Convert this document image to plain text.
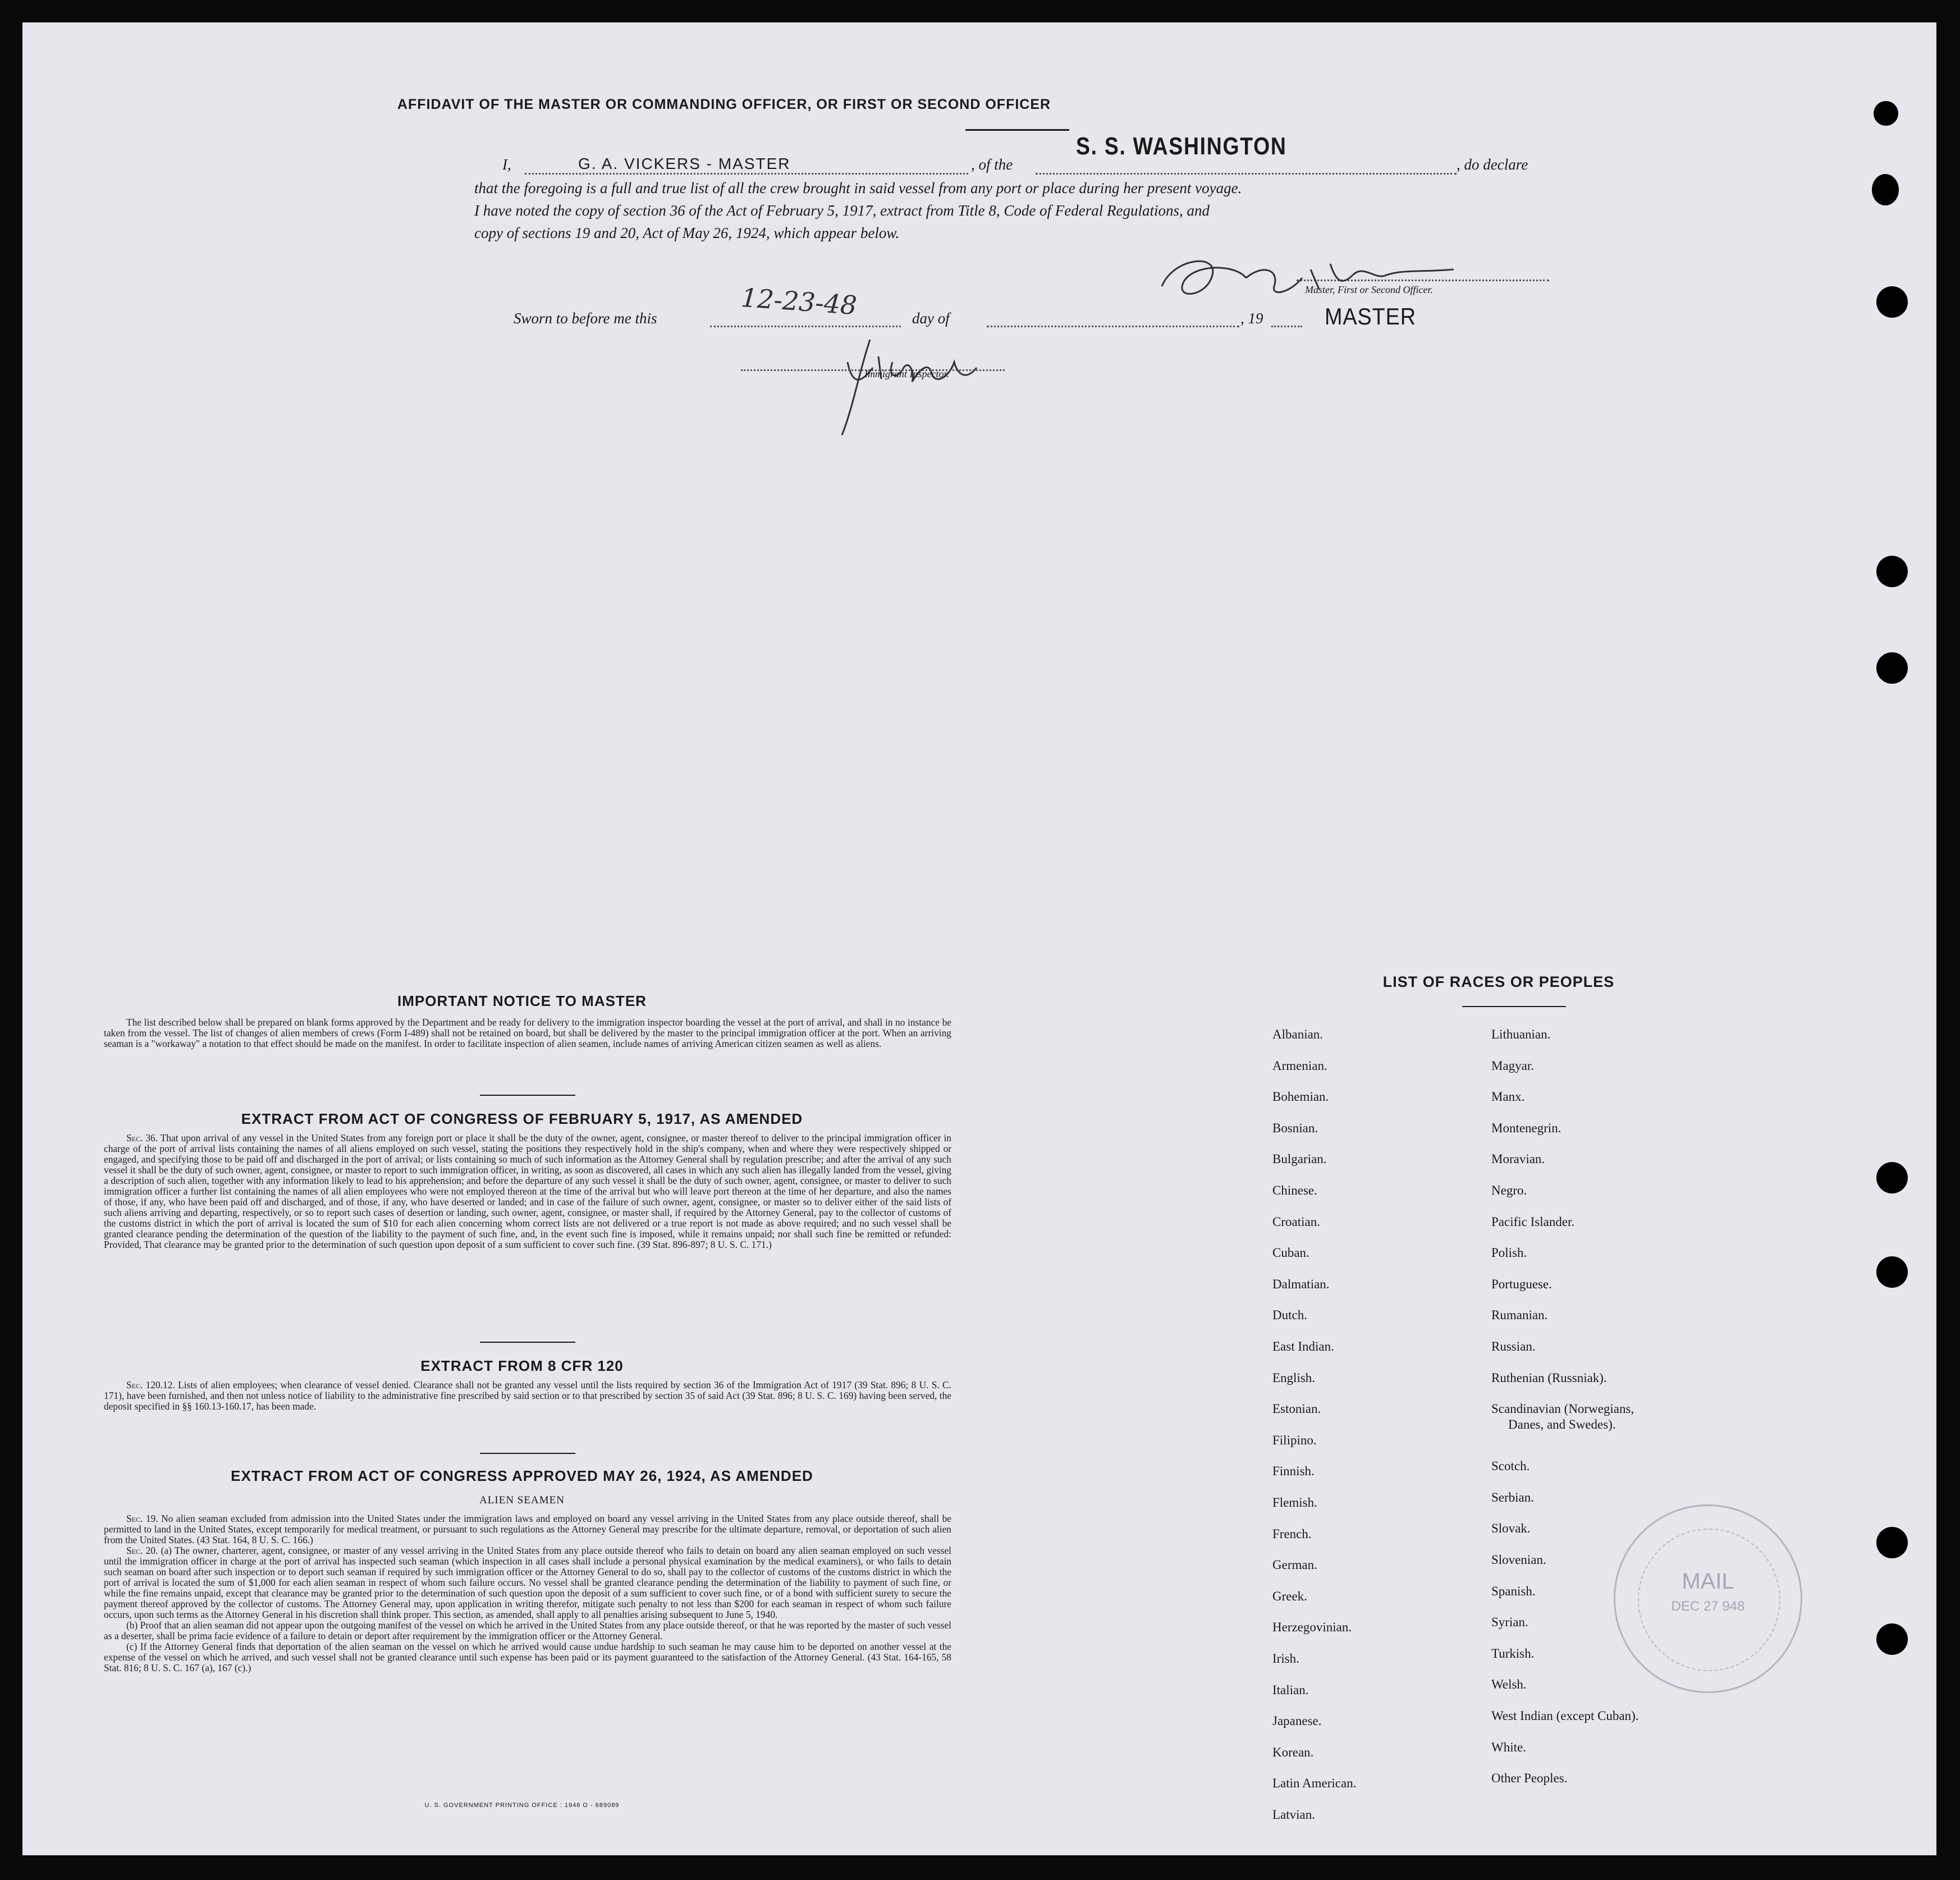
AFFIDAVIT OF THE MASTER OR COMMANDING OFFICER, OR FIRST OR SECOND OFFICER
I,	G. A. VICKERS - MASTER	, of the
S. S. WASHINGTON
, do declare
that the foregoing is a full and true list of all the crew brought in said vessel from any port or place during her present voyage.
I have noted the copy of section 36 of the Act of February 5, 1917, extract from Title 8, Code of Federal Regulations, and
copy of sections 19 and 20, Act of May 26, 1924, which appear below.
Master, First or Second Officer.
Sworn to before me this	12-23-48	day of	, 19	MASTER
Immigrant Inspector.
IMPORTANT NOTICE TO MASTER

The list described below shall be prepared on blank forms approved by the Department and be ready for delivery to the immigration inspector boarding the vessel at the port of arrival, and shall in no instance be taken from the vessel. The list of changes of alien members of crews (Form I-489) shall not be retained on board, but shall be delivered by the master to the principal immigration officer at the port. When an arriving seaman is a "workaway" a notation to that effect should be made on the manifest. In order to facilitate inspection of alien seamen, include names of arriving American citizen seamen as well as aliens.

EXTRACT FROM ACT OF CONGRESS OF FEBRUARY 5, 1917, AS AMENDED

Sec. 36. That upon arrival of any vessel in the United States from any foreign port or place it shall be the duty of the owner, agent, consignee, or master thereof to deliver to the principal immigration officer in charge of the port of arrival lists containing the names of all aliens employed on such vessel, stating the positions they respectively hold in the ship's company, when and where they were respectively shipped or engaged, and specifying those to be paid off and discharged in the port of arrival; or lists containing so much of such information as the Attorney General shall by regulation prescribe; and after the arrival of any such vessel it shall be the duty of such owner, agent, consignee, or master to report to such immigration officer, in writing, as soon as discovered, all cases in which any such alien has illegally landed from the vessel, giving a description of such alien, together with any information likely to lead to his apprehension; and before the departure of any such vessel it shall be the duty of such owner, agent, consignee, or master to deliver to such immigration officer a further list containing the names of all alien employees who were not employed thereon at the time of the arrival but who will leave port thereon at the time of her departure, and also the names of those, if any, who have been paid off and discharged, and of those, if any, who have deserted or landed; and in case of the failure of such owner, agent, consignee, or master so to deliver either of the said lists of such aliens arriving and departing, respectively, or so to report such cases of desertion or landing, such owner, agent, consignee, or master shall, if required by the Attorney General, pay to the collector of customs of the customs district in which the port of arrival is located the sum of $10 for each alien concerning whom correct lists are not delivered or a true report is not made as above required; and no such vessel shall be granted clearance pending the determination of the question of the liability to the payment of such fine, and, in the event such fine is imposed, while it remains unpaid; nor shall such fine be remitted or refunded: Provided, That clearance may be granted prior to the determination of such question upon deposit of a sum sufficient to cover such fine. (39 Stat. 896-897; 8 U. S. C. 171.)

EXTRACT FROM 8 CFR 120

Sec. 120.12. Lists of alien employees; when clearance of vessel denied. Clearance shall not be granted any vessel until the lists required by section 36 of the Immigration Act of 1917 (39 Stat. 896; 8 U. S. C. 171), have been furnished, and then not unless notice of liability to the administrative fine prescribed by said section or to that prescribed by section 35 of said Act (39 Stat. 896; 8 U. S. C. 169) having been served, the deposit specified in §§ 160.13-160.17, has been made.

EXTRACT FROM ACT OF CONGRESS APPROVED MAY 26, 1924, AS AMENDED
ALIEN SEAMEN

Sec. 19. No alien seaman excluded from admission into the United States under the immigration laws and employed on board any vessel arriving in the United States from any place outside thereof, shall be permitted to land in the United States, except temporarily for medical treatment, or pursuant to such regulations as the Attorney General may prescribe for the ultimate departure, removal, or deportation of such alien from the United States. (43 Stat. 164, 8 U. S. C. 166.)

Sec. 20. (a) The owner, charterer, agent, consignee, or master of any vessel arriving in the United States from any place outside thereof who fails to detain on board any alien seaman employed on such vessel until the immigration officer in charge at the port of arrival has inspected such seaman (which inspection in all cases shall include a personal physical examination by the medical examiners), or who fails to detain such seaman on board after such inspection or to deport such seaman if required by such immigration officer or the Attorney General to do so, shall pay to the collector of customs of the customs district in which the port of arrival is located the sum of $1,000 for each alien seaman in respect of whom such failure occurs. No vessel shall be granted clearance pending the determination of the liability to payment of such fine, or while the fine remains unpaid, except that clearance may be granted prior to the determination of such question upon the deposit of a sum sufficient to cover such fine, or of a bond with sufficient surety to secure the payment thereof approved by the collector of customs. The Attorney General may, upon application in writing therefor, mitigate such penalty to not less than $200 for each seaman in respect of whom such failure occurs, upon such terms as the Attorney General in his discretion shall think proper. This section, as amended, shall apply to all penalties arising subsequent to June 5, 1940.

(b) Proof that an alien seaman did not appear upon the outgoing manifest of the vessel on which he arrived in the United States from any place outside thereof, or that he was reported by the master of such vessel as a deserter, shall be prima facie evidence of a failure to detain or deport after requirement by the immigration officer or the Attorney General.

(c) If the Attorney General finds that deportation of the alien seaman on the vessel on which he arrived would cause undue hardship to such seaman he may cause him to be deported on another vessel at the expense of the vessel on which he arrived, and such vessel shall not be granted clearance until such expense has been paid or its payment guaranteed to the satisfaction of the Attorney General. (43 Stat. 164-165, 58 Stat. 816; 8 U. S. C. 167 (a), 167 (c).)

U. S. GOVERNMENT PRINTING OFFICE : 1946 O - 689089
LIST OF RACES OR PEOPLES
Albanian.
Armenian.
Bohemian.
Bosnian.
Bulgarian.
Chinese.
Croatian.
Cuban.
Dalmatian.
Dutch.
East Indian.
English.
Estonian.
Filipino.
Finnish.
Flemish.
French.
German.
Greek.
Herzegovinian.
Irish.
Italian.
Japanese.
Korean.
Latin American.
Latvian.
Lithuanian.
Magyar.
Manx.
Montenegrin.
Moravian.
Negro.
Pacific Islander.
Polish.
Portuguese.
Rumanian.
Russian.
Ruthenian (Russniak).
Scandinavian (Norwegians,
Danes, and Swedes).
Scotch.
Serbian.
Slovak.
Slovenian.
Spanish.
Syrian.
Turkish.
Welsh.
West Indian (except Cuban).
White.
Other Peoples.
MAIL
DEC 27 948
